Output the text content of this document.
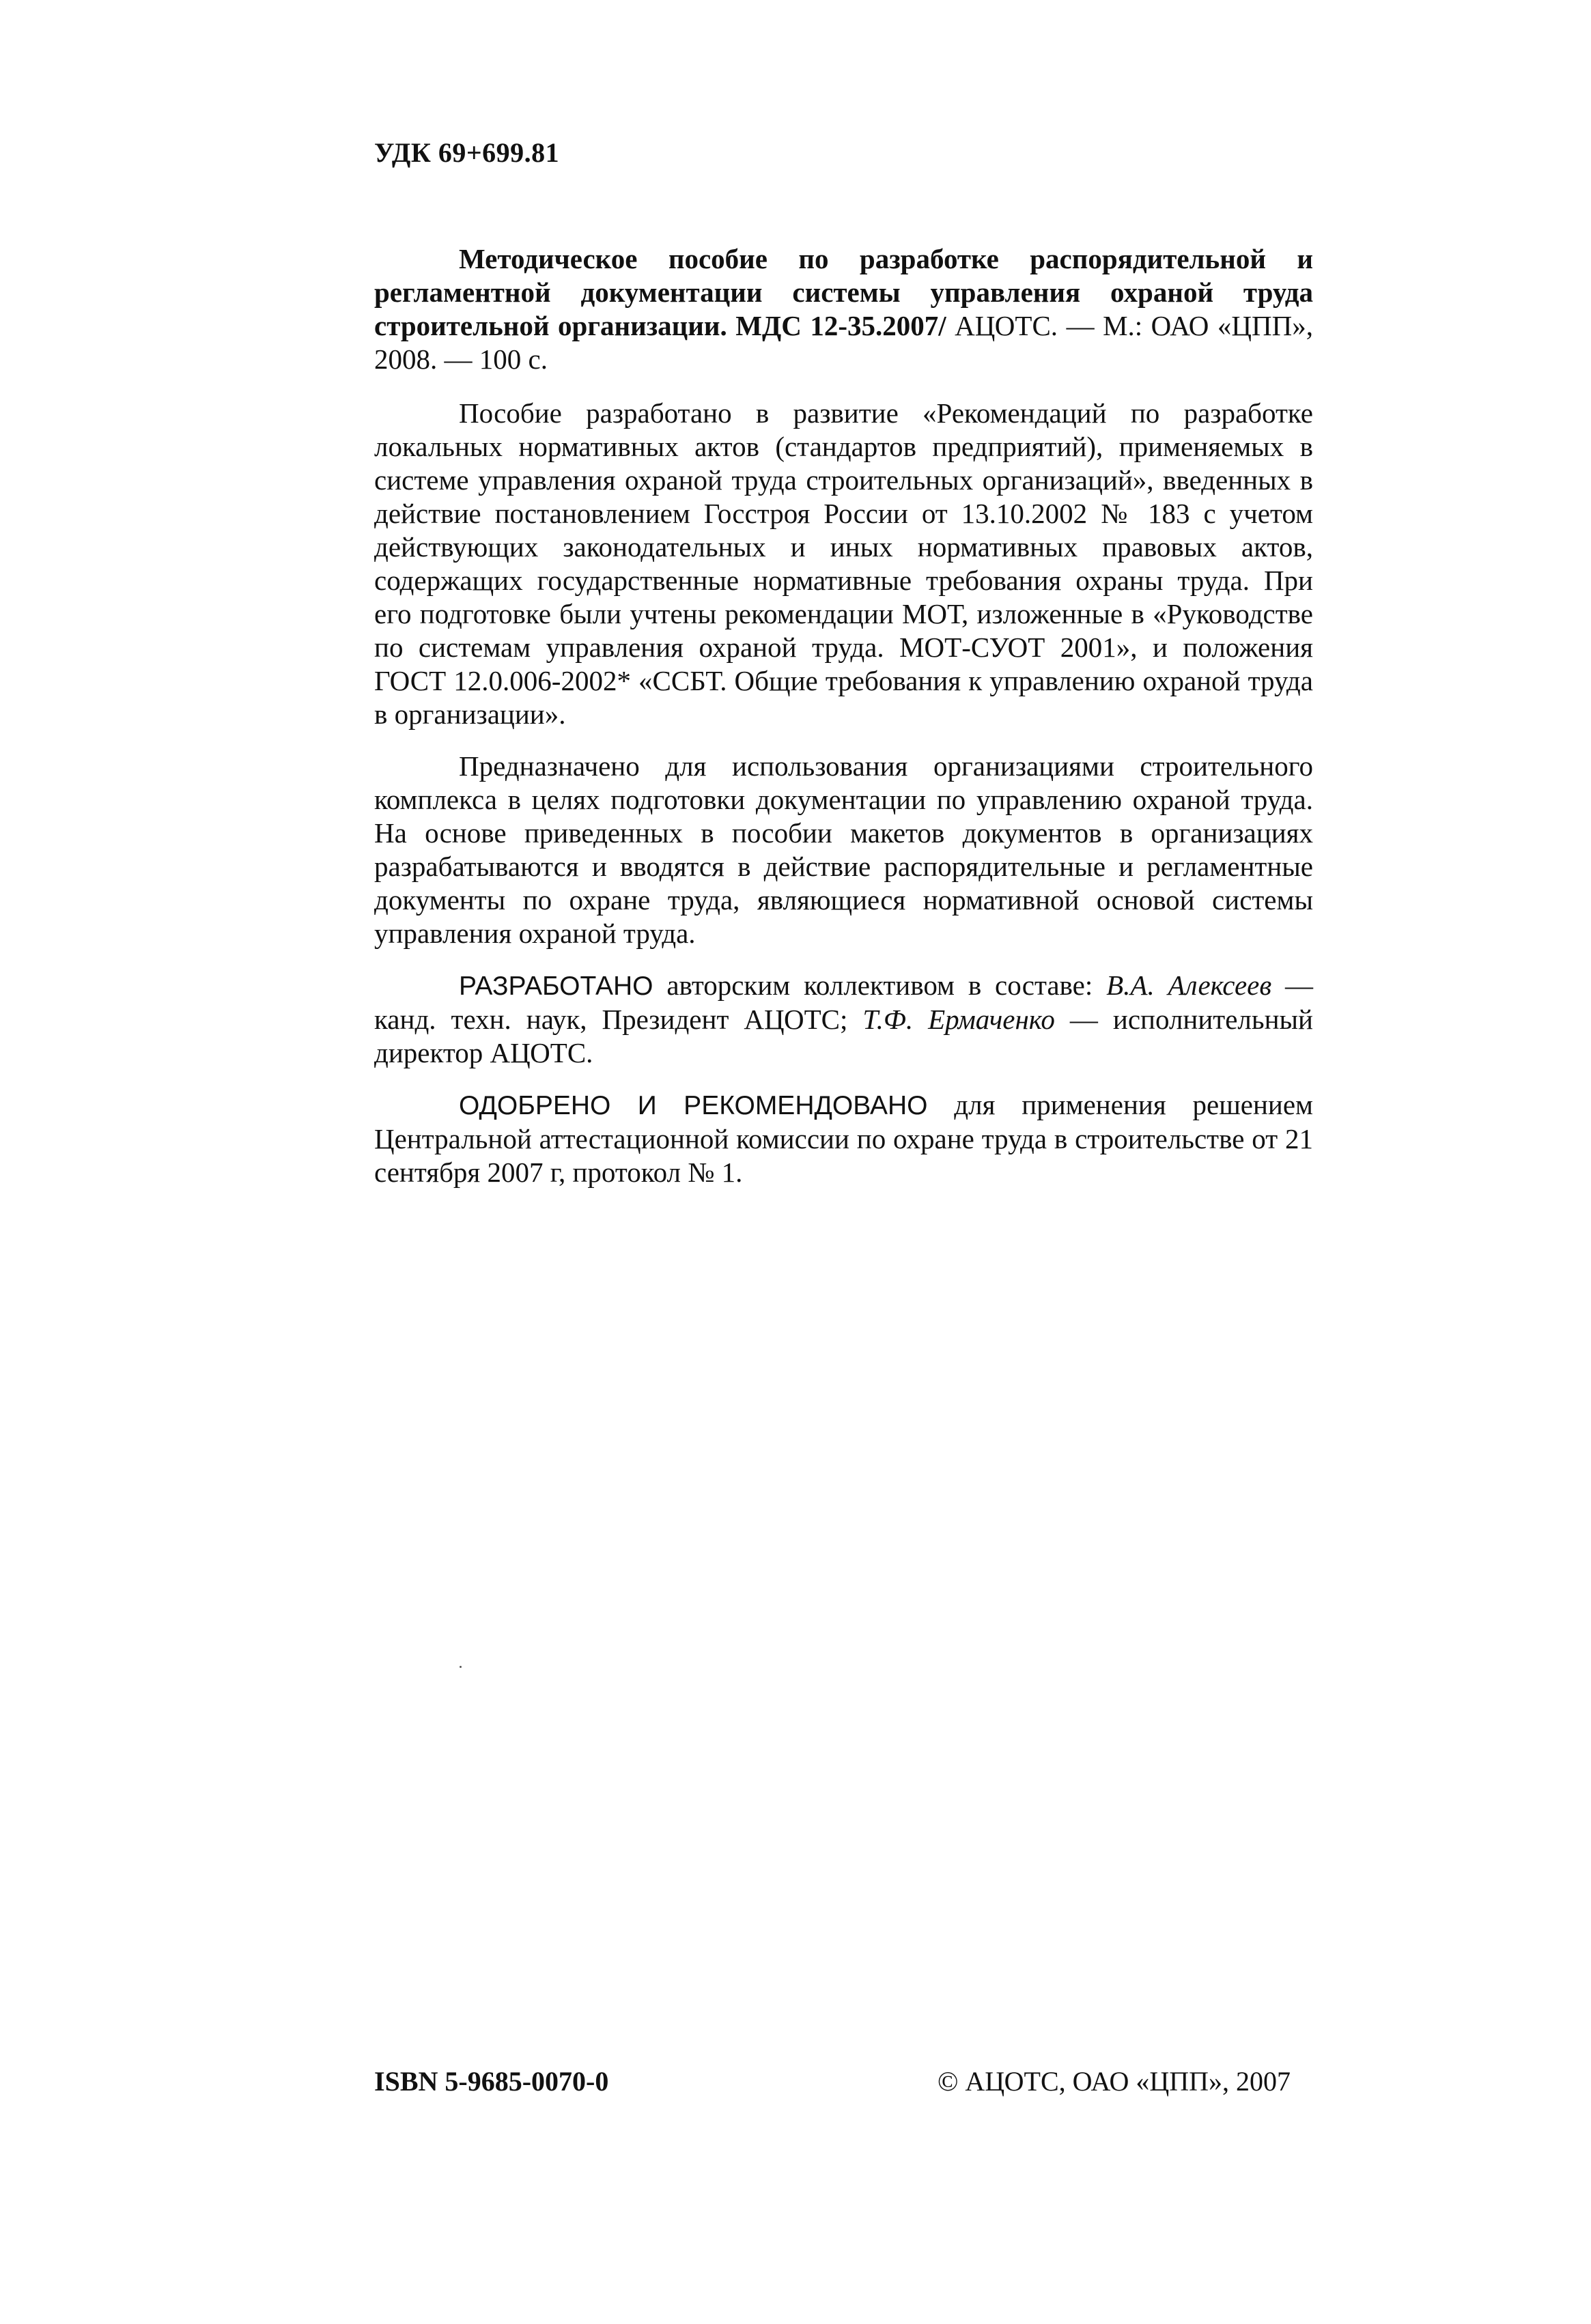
УДК 69+699.81

Методическое пособие по разработке распорядительной и регламентной документации системы управления охраной труда строительной организации. МДС 12-35.2007/ АЦОТС. — М.: ОАО «ЦПП», 2008. — 100 с.

Пособие разработано в развитие «Рекомендаций по разработке локальных нормативных актов (стандартов предприятий), применяемых в системе управления охраной труда строительных организаций», введенных в действие постановлением Госстроя России от 13.10.2002 № 183 с учетом действующих законодательных и иных нормативных правовых актов, содержащих государственные нормативные требования охраны труда. При его подготовке были учтены рекомендации МОТ, изложенные в «Руководстве по системам управления охраной труда. МОТ-СУОТ 2001», и положения ГОСТ 12.0.006-2002* «ССБТ. Общие требования к управлению охраной труда в организации».

Предназначено для использования организациями строительного комплекса в целях подготовки документации по управлению охраной труда. На основе приведенных в пособии макетов документов в организациях разрабатываются и вводятся в действие распорядительные и регламентные документы по охране труда, являющиеся нормативной основой системы управления охраной труда.

РАЗРАБОТАНО авторским коллективом в составе: В.А. Алексеев — канд. техн. наук, Президент АЦОТС; Т.Ф. Ермаченко — исполнительный директор АЦОТС.

ОДОБРЕНО И РЕКОМЕНДОВАНО для применения решением Центральной аттестационной комиссии по охране труда в строительстве от 21 сентября 2007 г, протокол № 1.

ISBN 5-9685-0070-0	© АЦОТС, ОАО «ЦПП», 2007
